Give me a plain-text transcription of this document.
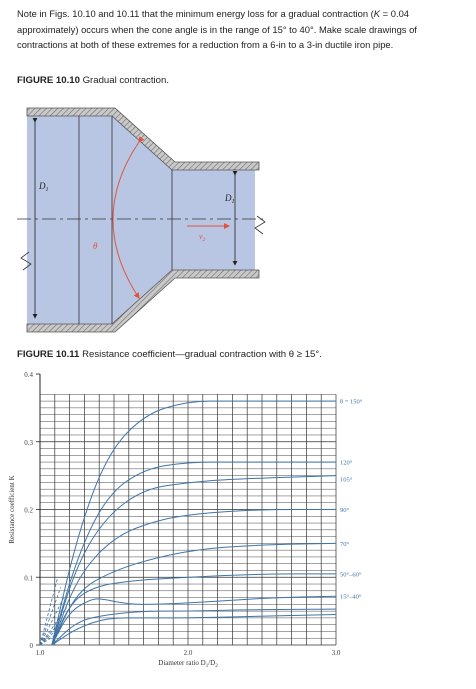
Note in Figs. 10.10 and 10.11 that the minimum energy loss for a gradual contraction (K = 0.04 approximately) occurs when the cone angle is in the range of 15° to 40°. Make scale drawings of contractions at both of these extremes for a reduction from a 6-in to a 3-in ductile iron pipe.
FIGURE 10.10 Gradual contraction.
$D_1$
$D_1$
θ
$v_2$
FIGURE 10.11 Resistance coefficient—gradual contraction with θ ≥ 15°.
0
0.1
0.2
0.3
0.4
1.0	2.0	3.0
Diameter ratio $D_1/D_2$
Resistance coefficient K
θ = 150°
120°
105°
90°
70°
50°–60°
15°–40°
